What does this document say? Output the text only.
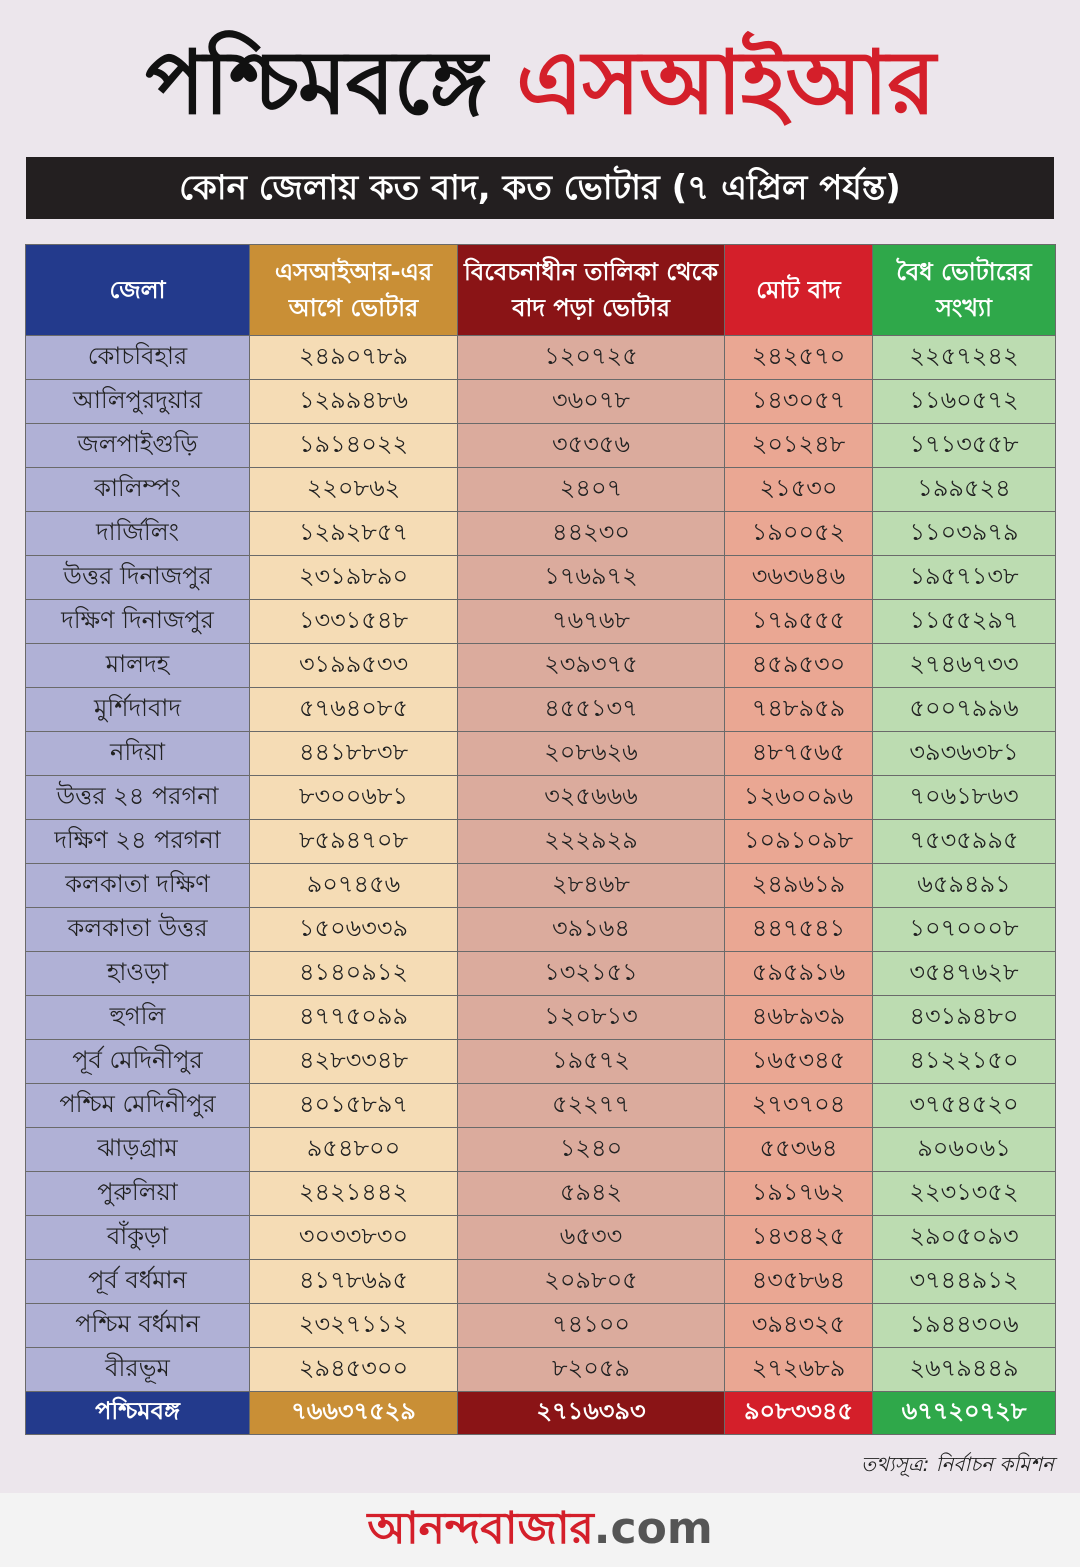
পশ্চিমবঙ্গে এসআইআর
কোন জেলায় কত বাদ, কত ভোটার (৭ এপ্রিল পর্যন্ত)
জেলা	এসআইআর-এর আগে ভোটার	বিবেচনাধীন তালিকা থেকে বাদ পড়া ভোটার	মোট বাদ	বৈধ ভোটারের সংখ্যা
কোচবিহার	২৪৯০৭৮৯	১২০৭২৫	২৪২৫৭০	২২৫৭২৪২
আলিপুরদুয়ার	১২৯৯৪৮৬	৩৬০৭৮	১৪৩০৫৭	১১৬০৫৭২
জলপাইগুড়ি	১৯১৪০২২	৩৫৩৫৬	২০১২৪৮	১৭১৩৫৫৮
কালিম্পং	২২০৮৬২	২৪০৭	২১৫৩০	১৯৯৫২৪
দার্জিলিং	১২৯২৮৫৭	৪৪২৩০	১৯০০৫২	১১০৩৯৭৯
উত্তর দিনাজপুর	২৩১৯৮৯০	১৭৬৯৭২	৩৬৩৬৪৬	১৯৫৭১৩৮
দক্ষিণ দিনাজপুর	১৩৩১৫৪৮	৭৬৭৬৮	১৭৯৫৫৫	১১৫৫২৯৭
মালদহ	৩১৯৯৫৩৩	২৩৯৩৭৫	৪৫৯৫৩০	২৭৪৬৭৩৩
মুর্শিদাবাদ	৫৭৬৪০৮৫	৪৫৫১৩৭	৭৪৮৯৫৯	৫০০৭৯৯৬
নদিয়া	৪৪১৮৮৩৮	২০৮৬২৬	৪৮৭৫৬৫	৩৯৩৬৩৮১
উত্তর ২৪ পরগনা	৮৩০০৬৮১	৩২৫৬৬৬	১২৬০০৯৬	৭০৬১৮৬৩
দক্ষিণ ২৪ পরগনা	৮৫৯৪৭০৮	২২২৯২৯	১০৯১০৯৮	৭৫৩৫৯৯৫
কলকাতা দক্ষিণ	৯০৭৪৫৬	২৮৪৬৮	২৪৯৬১৯	৬৫৯৪৯১
কলকাতা উত্তর	১৫০৬৩৩৯	৩৯১৬৪	৪৪৭৫৪১	১০৭০০০৮
হাওড়া	৪১৪০৯১২	১৩২১৫১	৫৯৫৯১৬	৩৫৪৭৬২৮
হুগলি	৪৭৭৫০৯৯	১২০৮১৩	৪৬৮৯৩৯	৪৩১৯৪৮০
পূর্ব মেদিনীপুর	৪২৮৩৩৪৮	১৯৫৭২	১৬৫৩৪৫	৪১২২১৫০
পশ্চিম মেদিনীপুর	৪০১৫৮৯৭	৫২২৭৭	২৭৩৭০৪	৩৭৫৪৫২০
ঝাড়গ্রাম	৯৫৪৮০০	১২৪০	৫৫৩৬৪	৯০৬০৬১
পুরুলিয়া	২৪২১৪৪২	৫৯৪২	১৯১৭৬২	২২৩১৩৫২
বাঁকুড়া	৩০৩৩৮৩০	৬৫৩৩	১৪৩৪২৫	২৯০৫০৯৩
পূর্ব বর্ধমান	৪১৭৮৬৯৫	২০৯৮০৫	৪৩৫৮৬৪	৩৭৪৪৯১২
পশ্চিম বর্ধমান	২৩২৭১১২	৭৪১০০	৩৯৪৩২৫	১৯৪৪৩০৬
বীরভূম	২৯৪৫৩০০	৮২০৫৯	২৭২৬৮৯	২৬৭৯৪৪৯
পশ্চিমবঙ্গ	৭৬৬৩৭৫২৯	২৭১৬৩৯৩	৯০৮৩৩৪৫	৬৭৭২০৭২৮
তথ্যসূত্র: নির্বাচন কমিশন
আনন্দবাজার.com
